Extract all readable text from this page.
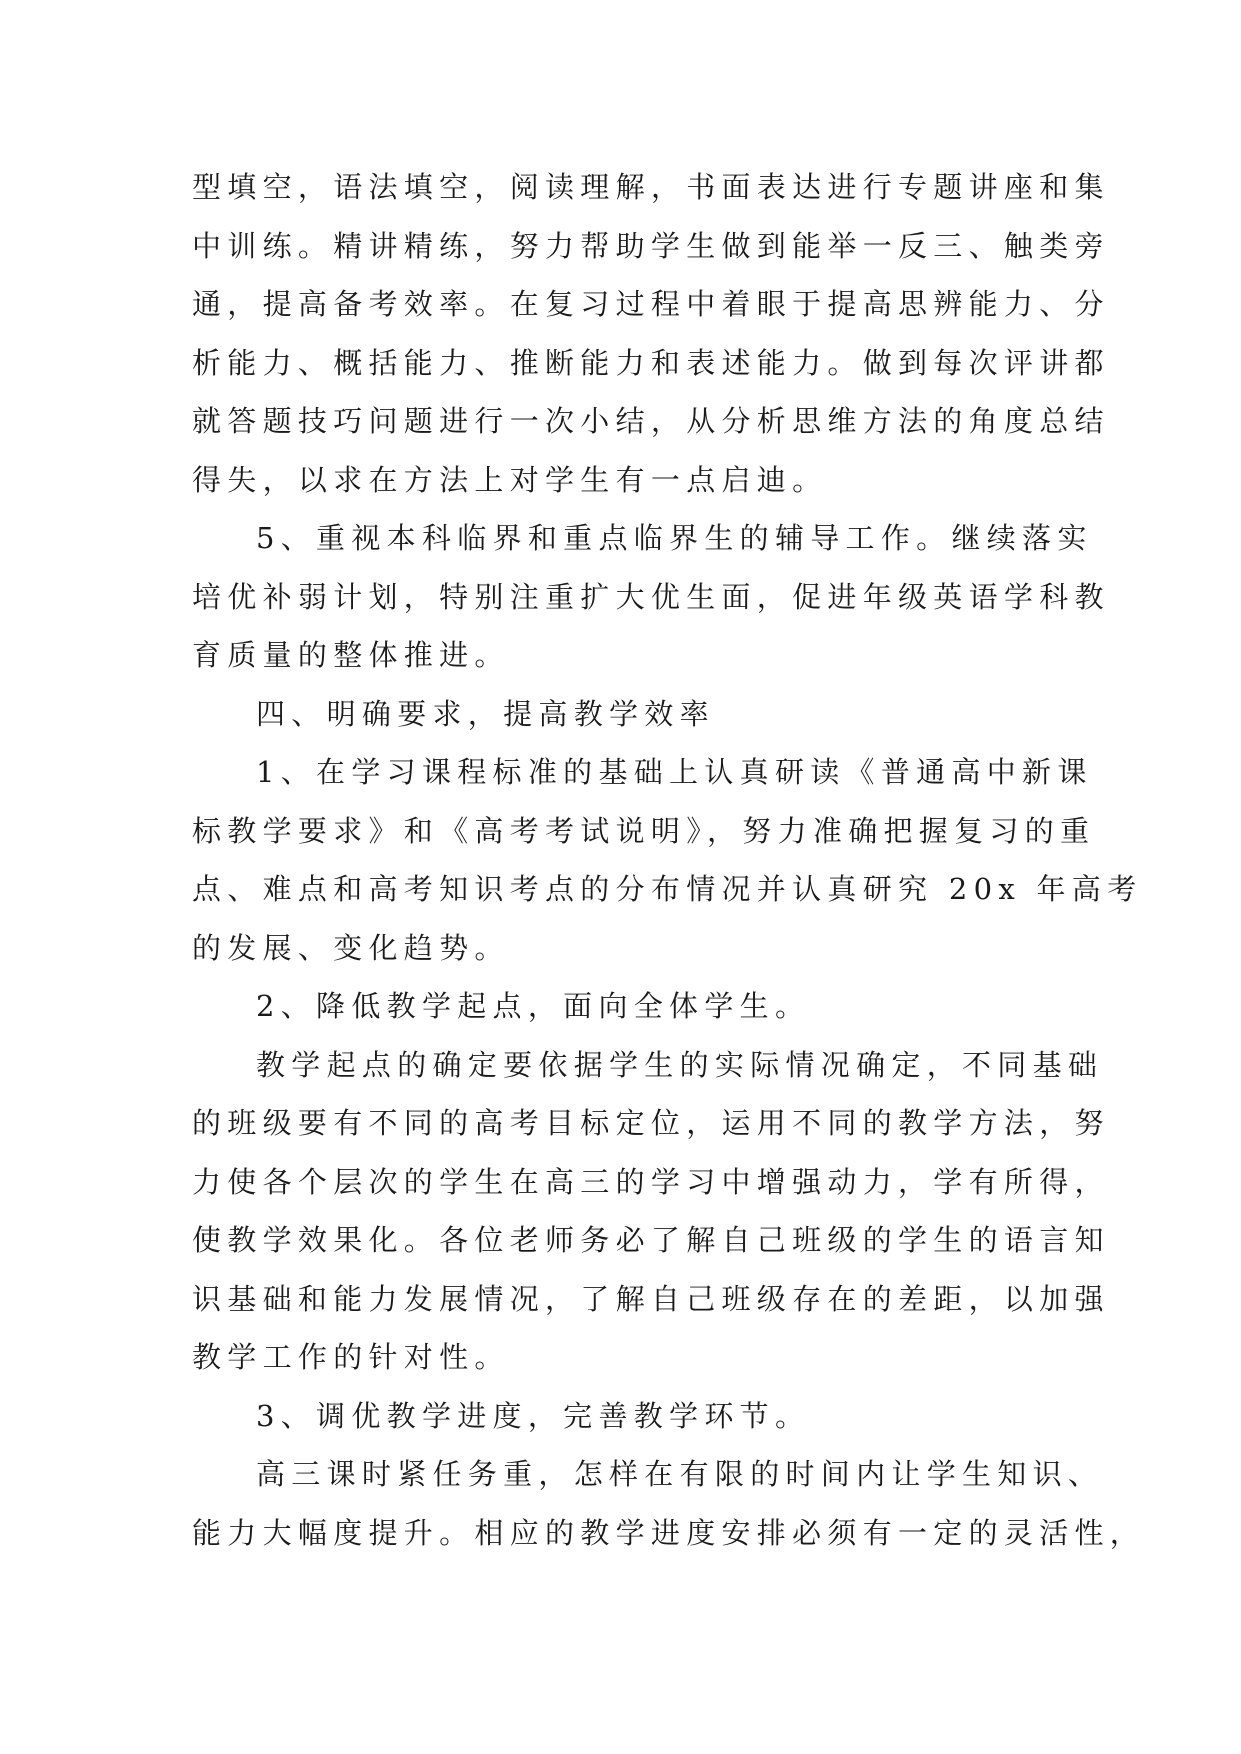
型填空，语法填空，阅读理解，书面表达进行专题讲座和集
中训练。精讲精练，努力帮助学生做到能举一反三、触类旁
通，提高备考效率。在复习过程中着眼于提高思辨能力、分
析能力、概括能力、推断能力和表述能力。做到每次评讲都
就答题技巧问题进行一次小结，从分析思维方法的角度总结
得失，以求在方法上对学生有一点启迪。
5、重视本科临界和重点临界生的辅导工作。继续落实
培优补弱计划，特别注重扩大优生面，促进年级英语学科教
育质量的整体推进。
四、明确要求，提高教学效率
1、在学习课程标准的基础上认真研读《普通高中新课
标教学要求》和《高考考试说明》，努力准确把握复习的重
点、难点和高考知识考点的分布情况并认真研究 20x 年高考
的发展、变化趋势。
2、降低教学起点，面向全体学生。
教学起点的确定要依据学生的实际情况确定，不同基础
的班级要有不同的高考目标定位，运用不同的教学方法，努
力使各个层次的学生在高三的学习中增强动力，学有所得，
使教学效果化。各位老师务必了解自己班级的学生的语言知
识基础和能力发展情况，了解自己班级存在的差距，以加强
教学工作的针对性。
3、调优教学进度，完善教学环节。
高三课时紧任务重，怎样在有限的时间内让学生知识、
能力大幅度提升。相应的教学进度安排必须有一定的灵活性，
